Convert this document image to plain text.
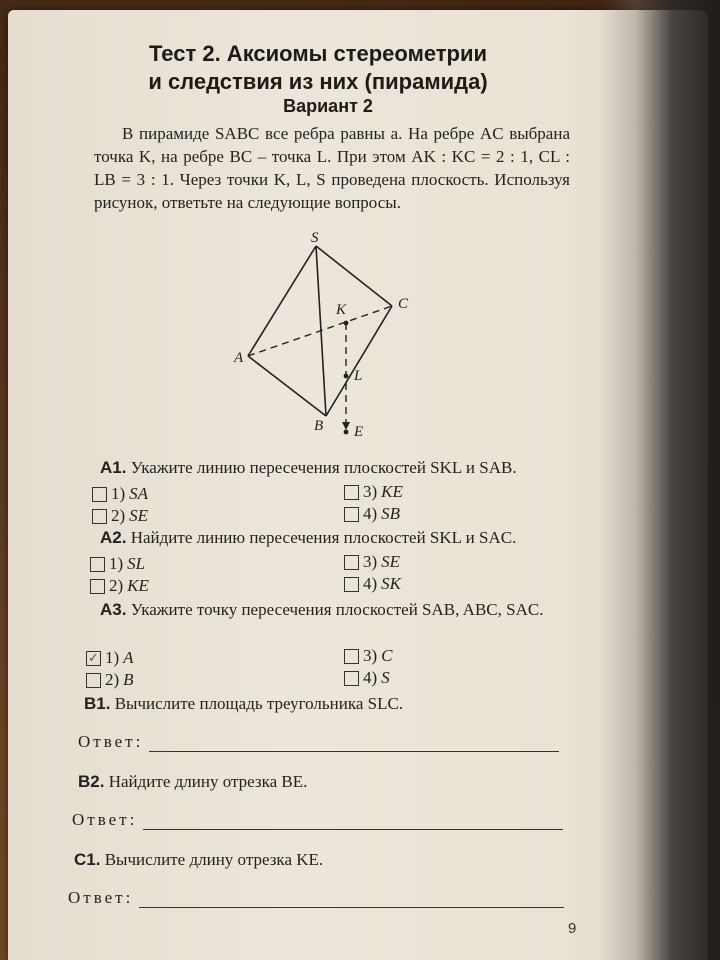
Тест 2. Аксиомы стереометрии
и следствия из них (пирамида)
Вариант 2
В пирамиде SABC все ребра равны a. На ребре AC выбрана точка K, на ребре BC – точка L. При этом AK : KC = 2 : 1, CL : LB = 3 : 1. Через точки K, L, S проведена плоскость. Используя рисунок, ответьте на следующие вопросы.
S
A
B
C
K
L
E
A1. Укажите линию пересечения плоскостей SKL и SAB.
1) SA
2) SE
3) KE
4) SB
A2. Найдите линию пересечения плоскостей SKL и SAC.
1) SL
2) KE
3) SE
4) SK
A3. Укажите точку пересечения плоскостей SAB, ABC, SAC.
✓ 1) A
2) B
3) C
4) S
B1. Вычислите площадь треугольника SLC.
Ответ:
B2. Найдите длину отрезка BE.
Ответ:
C1. Вычислите длину отрезка KE.
Ответ:
9
